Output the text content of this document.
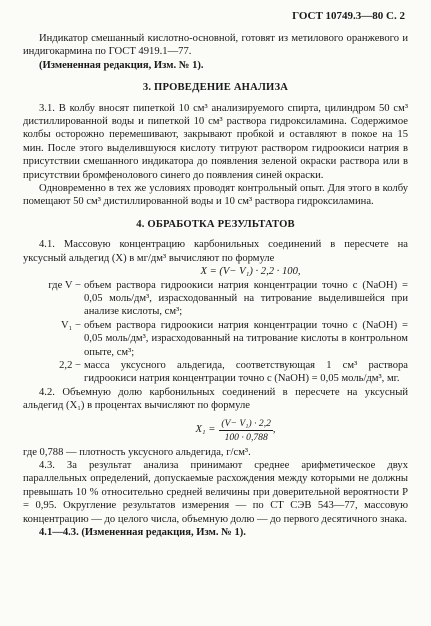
ГОСТ 10749.3—80 С. 2

Индикатор смешанный кислотно-основной, готовят из метилового оранжевого и индигокармина по ГОСТ 4919.1—77.

(Измененная редакция, Изм. № 1).

3. ПРОВЕДЕНИЕ АНАЛИЗА

3.1. В колбу вносят пипеткой 10 см³ анализируемого спирта, цилиндром 50 см³ дистиллированной воды и пипеткой 10 см³ раствора гидроксиламина. Содержимое колбы осторожно перемешивают, закрывают пробкой и оставляют в покое на 15 мин. После этого выделившуюся кислоту титруют раствором гидроокиси натрия в присутствии смешанного индикатора до появления зеленой окраски раствора или в присутствии бромфенолового синего до появления синей окраски.

Одновременно в тех же условиях проводят контрольный опыт. Для этого в колбу помещают 50 см³ дистиллированной воды и 10 см³ раствора гидроксиламина.

4. ОБРАБОТКА РЕЗУЛЬТАТОВ

4.1. Массовую концентрацию карбонильных соединений в пересчете на уксусный альдегид (X) в мг/дм³ вычисляют по формуле

X = (V− V₁) · 2,2 · 100,

где V − объем раствора гидроокиси натрия концентрации точно с (NaOH) = 0,05 моль/дм³, израсходованный на титрование выделившейся при анализе кислоты, см³;
V₁ − объем раствора гидроокиси натрия концентрации точно с (NaOH) = 0,05 моль/дм³, израсходованный на титрование кислоты в контрольном опыте, см³;
2,2 − масса уксусного альдегида, соответствующая 1 см³ раствора гидроокиси натрия концентрации точно с (NaOH) = 0,05 моль/дм³, мг.

4.2. Объемную долю карбонильных соединений в пересчете на уксусный альдегид (X₁) в процентах вычисляют по формуле

$X_1 = \frac{\text{(V− V₁) · 2,2}}{100 \cdot 0,788}$ ,

где 0,788 — плотность уксусного альдегида, г/см³.

4.3. За результат анализа принимают среднее арифметическое двух параллельных определений, допускаемые расхождения между которыми не должны превышать 10 % относительно средней величины при доверительной вероятности P = 0,95. Округление результатов измерения — по СТ СЭВ 543—77, массовую концентрацию — до целого числа, объемную долю — до первого десятичного знака.

4.1—4.3. (Измененная редакция, Изм. № 1).
